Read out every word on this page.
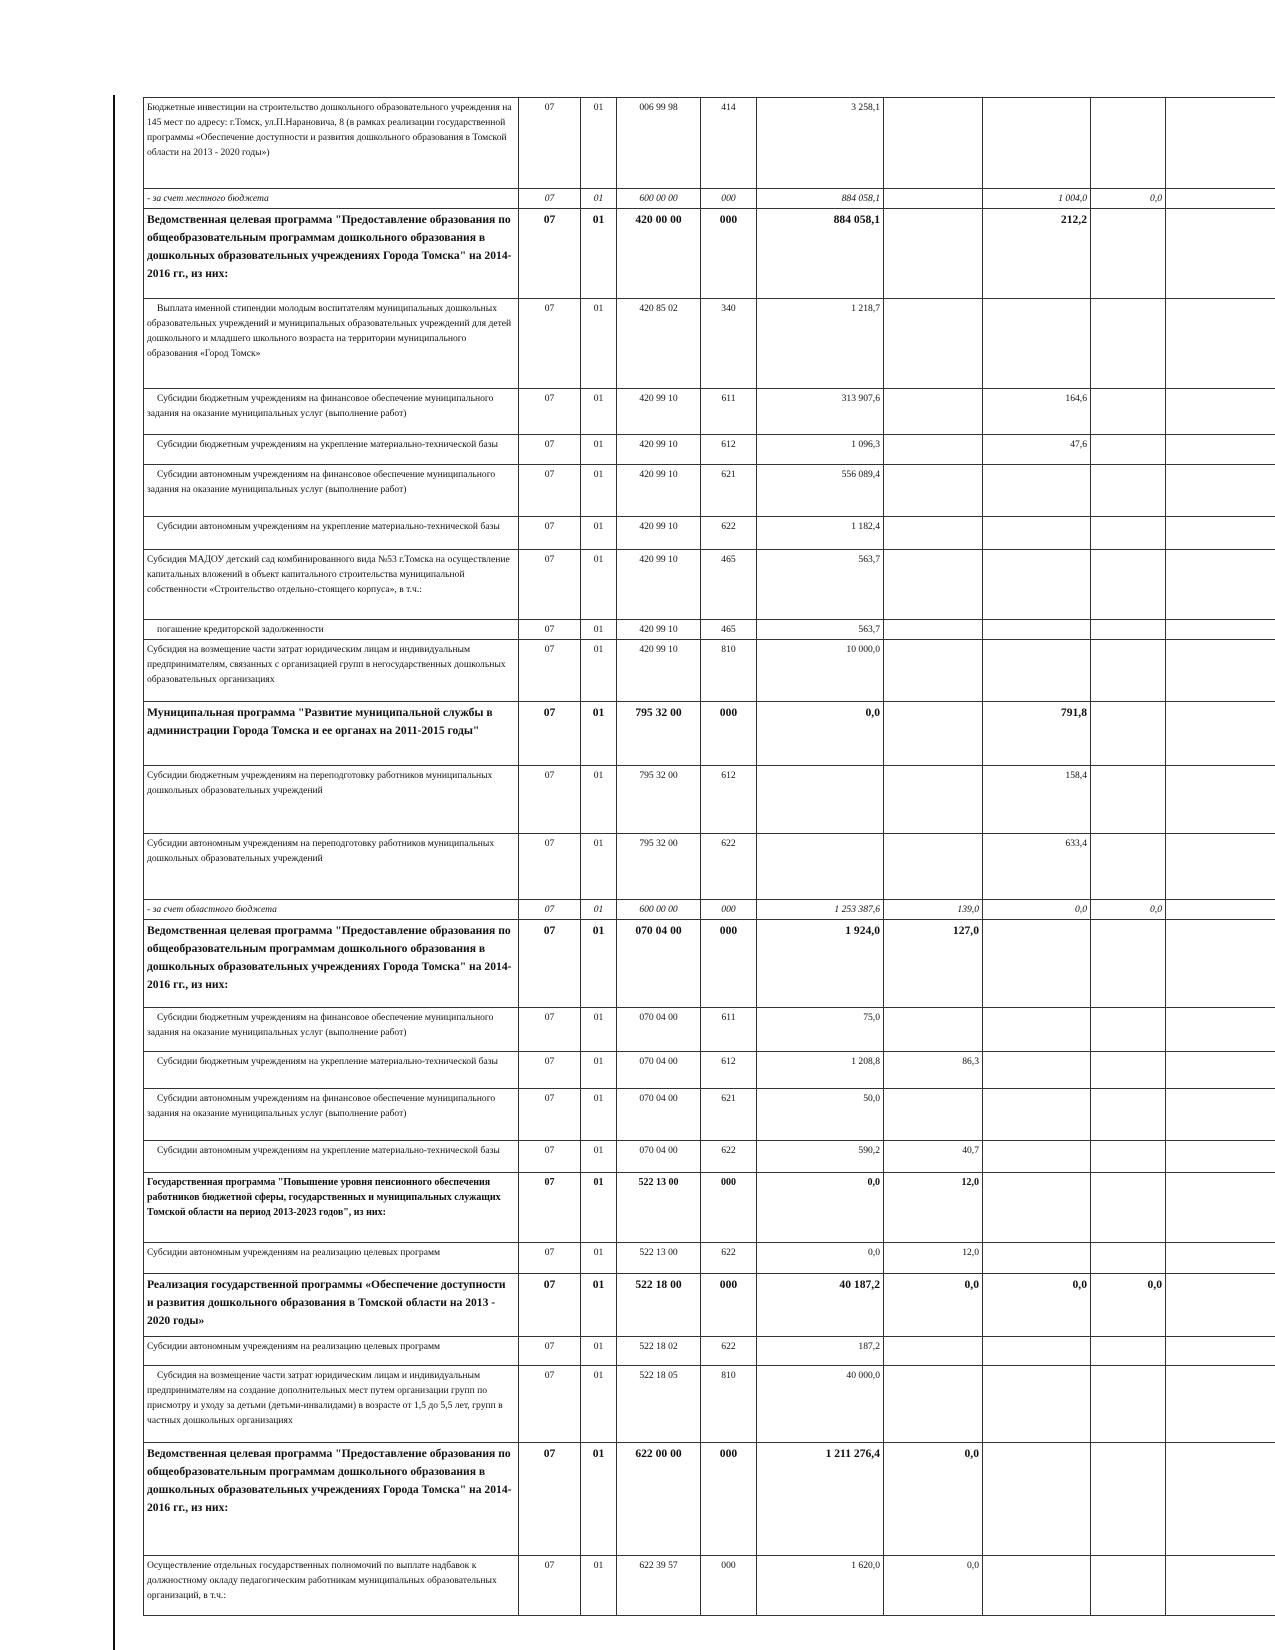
Бюджетные инвестиции на строительство дошкольного образовательного учреждения на 145 мест по адресу: г.Томск, ул.П.Нарановича, 8 (в рамках реализации государственной программы «Обеспечение доступности и развития дошкольного образования в Томской области на 2013 - 2020 годы»)	07	01	006 99 98	414	3 258,1				
- за счет местного бюджета	07	01	600 00 00	000	884 058,1		1 004,0	0,0	
Ведомственная целевая программа "Предоставление образования по общеобразовательным программам дошкольного образования в дошкольных образовательных учреждениях Города Томска" на 2014-2016 гг., из них:	07	01	420 00 00	000	884 058,1		212,2		
Выплата именной стипендии молодым воспитателям муниципальных дошкольных образовательных учреждений и муниципальных образовательных учреждений для детей дошкольного и младшего школьного возраста на территории муниципального образования «Город Томск»	07	01	420 85 02	340	1 218,7				
Субсидии бюджетным учреждениям на финансовое обеспечение муниципального задания на оказание муниципальных услуг (выполнение работ)	07	01	420 99 10	611	313 907,6		164,6		
Субсидии бюджетным учреждениям на укрепление материально-технической базы	07	01	420 99 10	612	1 096,3		47,6		
Субсидии автономным учреждениям на финансовое обеспечение муниципального задания на оказание муниципальных услуг (выполнение работ)	07	01	420 99 10	621	556 089,4				
Субсидии автономным учреждениям на укрепление материально-технической базы	07	01	420 99 10	622	1 182,4				
Субсидия МАДОУ детский сад комбинированного вида №53 г.Томска на осуществление капитальных вложений в объект капитального строительства муниципальной собственности «Строительство отдельно-стоящего корпуса», в т.ч.:	07	01	420 99 10	465	563,7				
погашение кредиторской задолженности	07	01	420 99 10	465	563,7				
Субсидия на возмещение части затрат юридическим лицам и индивидуальным предпринимателям, связанных с организацией групп в негосударственных дошкольных образовательных организациях	07	01	420 99 10	810	10 000,0				
Муниципальная программа "Развитие муниципальной службы в администрации Города Томска и ее органах на 2011-2015 годы"	07	01	795 32 00	000	0,0		791,8		
Субсидии бюджетным учреждениям на переподготовку работников муниципальных дошкольных образовательных учреждений	07	01	795 32 00	612			158,4		
Субсидии автономным учреждениям на переподготовку работников муниципальных дошкольных образовательных учреждений	07	01	795 32 00	622			633,4		
- за счет областного бюджета	07	01	600 00 00	000	1 253 387,6	139,0	0,0	0,0	
Ведомственная целевая программа "Предоставление образования по общеобразовательным программам дошкольного образования в дошкольных образовательных учреждениях Города Томска" на 2014-2016 гг., из них:	07	01	070 04 00	000	1 924,0	127,0			
Субсидии бюджетным учреждениям на финансовое обеспечение муниципального задания на оказание муниципальных услуг (выполнение работ)	07	01	070 04 00	611	75,0				
Субсидии бюджетным учреждениям на укрепление материально-технической базы	07	01	070 04 00	612	1 208,8	86,3			
Субсидии автономным учреждениям на финансовое обеспечение муниципального задания на оказание муниципальных услуг (выполнение работ)	07	01	070 04 00	621	50,0				
Субсидии автономным учреждениям на укрепление материально-технической базы	07	01	070 04 00	622	590,2	40,7			
Государственная программа "Повышение уровня пенсионного обеспечения работников бюджетной сферы, государственных и муниципальных служащих Томской области на период 2013-2023 годов", из них:	07	01	522 13 00	000	0,0	12,0			
Субсидии автономным учреждениям на реализацию целевых программ	07	01	522 13 00	622	0,0	12,0			
Реализация государственной программы «Обеспечение доступности и развития дошкольного образования в Томской области на 2013 - 2020 годы»	07	01	522 18 00	000	40 187,2	0,0	0,0	0,0	
Субсидии автономным учреждениям на реализацию целевых программ	07	01	522 18 02	622	187,2				
Субсидия на возмещение части затрат юридическим лицам и индивидуальным предпринимателям на создание дополнительных мест путем организации групп по присмотру и уходу за детьми (детьми-инвалидами) в возрасте от 1,5 до 5,5 лет, групп в частных дошкольных организациях	07	01	522 18 05	810	40 000,0				
Ведомственная целевая программа "Предоставление образования по общеобразовательным программам дошкольного образования в дошкольных образовательных учреждениях Города Томска" на 2014-2016 гг., из них:	07	01	622 00 00	000	1 211 276,4	0,0			
Осуществление отдельных государственных полномочий по выплате надбавок к должностному окладу педагогическим работникам муниципальных образовательных организаций, в т.ч.:	07	01	622 39 57	000	1 620,0	0,0			
